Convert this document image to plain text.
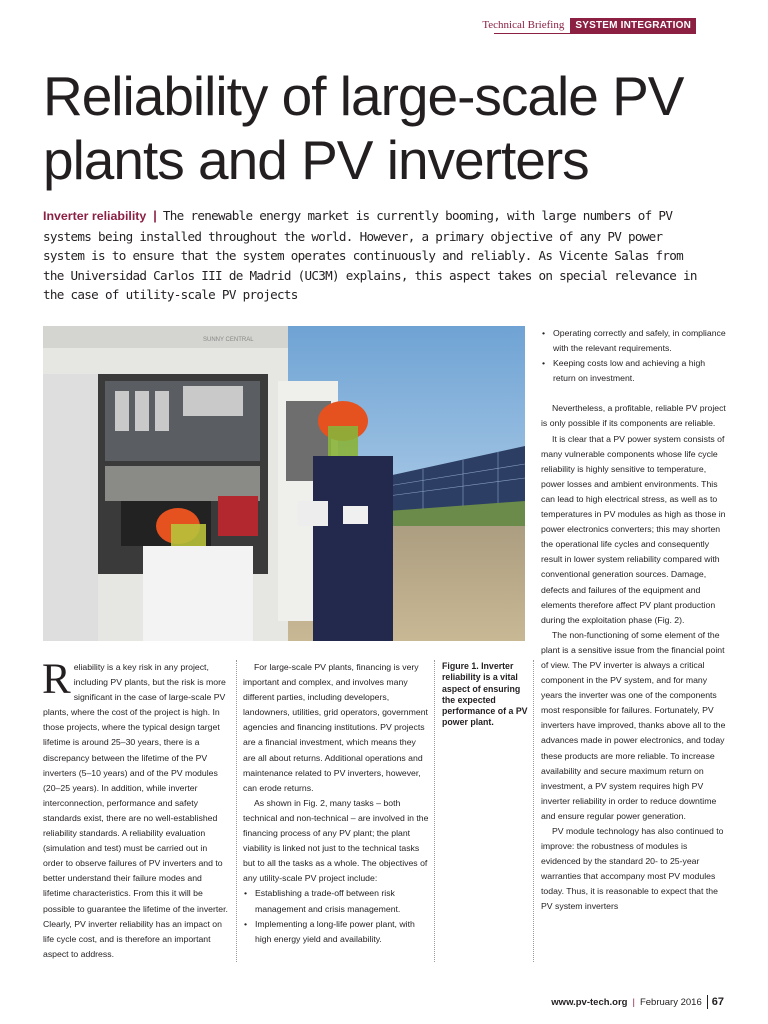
Technical Briefing	SYSTEM INTEGRATION
Reliability of large-scale PV plants and PV inverters
Inverter reliability | The renewable energy market is currently booming, with large numbers of PV systems being installed throughout the world. However, a primary objective of any PV power system is to ensure that the system operates continuously and reliably. As Vicente Salas from the Universidad Carlos III de Madrid (UC3M) explains, this aspect takes on special relevance in the case of utility-scale PV projects
SUNNY CENTRAL

R eliability is a key risk in any project, including PV plants, but the risk is more significant in the case of large-scale PV plants, where the cost of the project is high. In those projects, where the typical design target lifetime is around 25–30 years, there is a discrepancy between the lifetime of the PV inverters (5–10 years) and of the PV modules (20–25 years). In addition, while inverter interconnection, performance and safety standards exist, there are no well-established reliability standards. A reliability evaluation (simulation and test) must be carried out in order to observe failures of PV inverters and to better understand their failure modes and lifetime characteristics. From this it will be possible to guarantee the lifetime of the inverter. Clearly, PV inverter reliability has an impact on life cycle cost, and is therefore an important aspect to address.

For large-scale PV plants, financing is very important and complex, and involves many different parties, including developers, landowners, utilities, grid operators, government agencies and financing institutions. PV projects are a financial investment, which means they are all about returns. Additional operations and maintenance related to PV inverters, however, can erode returns.

As shown in Fig. 2, many tasks – both technical and non-technical – are involved in the financing process of any PV plant; the plant viability is linked not just to the technical tasks but to all the tasks as a whole. The objectives of any utility-scale PV project include:

• Establishing a trade-off between risk management and crisis management.
• Implementing a long-life power plant, with high energy yield and availability.
Figure 1. Inverter reliability is a vital aspect of ensuring the expected performance of a PV power plant.
• Operating correctly and safely, in compliance with the relevant requirements.
• Keeping costs low and achieving a high return on investment.

Nevertheless, a profitable, reliable PV project is only possible if its components are reliable.

It is clear that a PV power system consists of many vulnerable components whose life cycle reliability is highly sensitive to temperature, power losses and ambient environments. This can lead to high electrical stress, as well as to temperatures in PV modules as high as those in power electronics converters; this may shorten the operational life cycles and consequently result in lower system reliability compared with conventional generation sources. Damage, defects and failures of the equipment and elements therefore affect PV plant production during the exploitation phase (Fig. 2).

The non-functioning of some element of the plant is a sensitive issue from the financial point of view. The PV inverter is always a critical component in the PV system, and for many years the inverter was one of the components most responsible for failures. Fortunately, PV inverters have improved, thanks above all to the advances made in power electronics, and today these products are more reliable. To increase availability and secure maximum return on investment, a PV system requires high PV inverter reliability in order to reduce downtime and ensure regular power generation.

PV module technology has also continued to improve: the robustness of modules is evidenced by the standard 20- to 25-year warranties that accompany most PV modules today. Thus, it is reasonable to expect that the PV system inverters

www.pv-tech.org | February 2016 67
